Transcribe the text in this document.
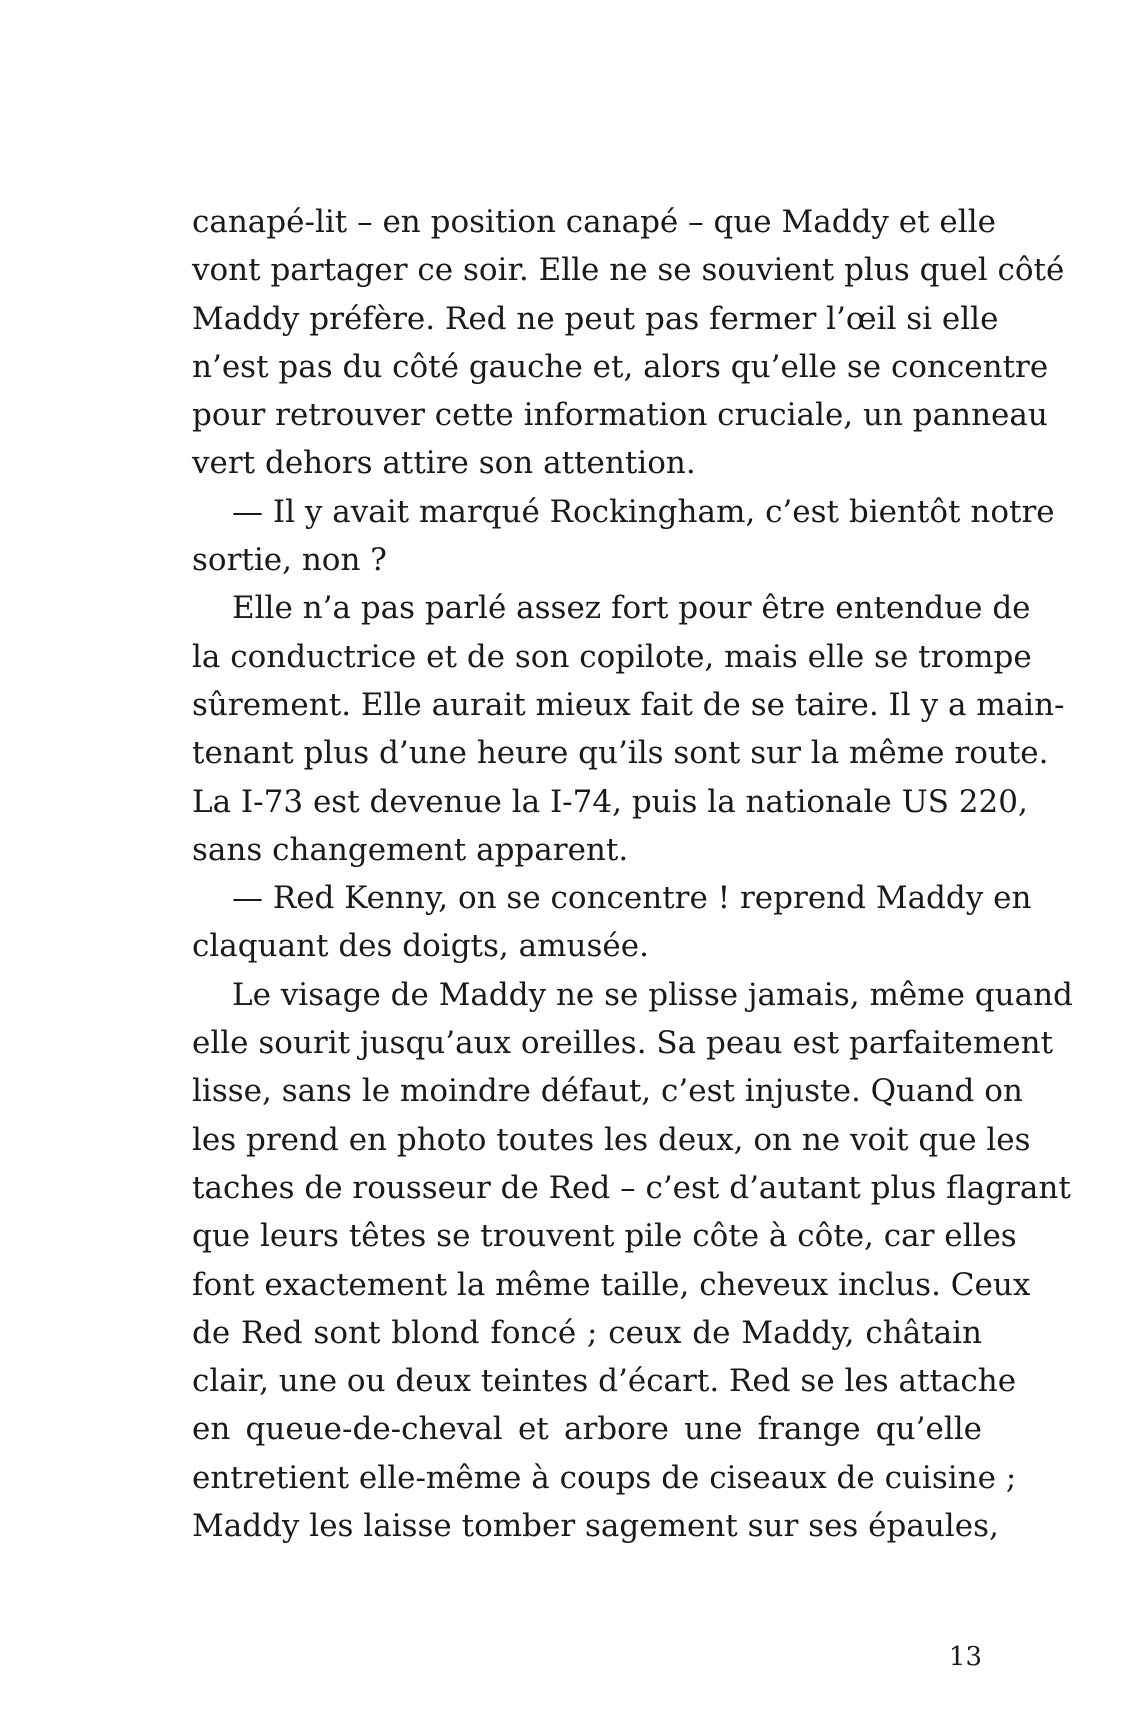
canapé-lit – en position canapé – que Maddy et elle
vont partager ce soir. Elle ne se souvient plus quel côté
Maddy préfère. Red ne peut pas fermer l’œil si elle
n’est pas du côté gauche et, alors qu’elle se concentre
pour retrouver cette information cruciale, un panneau
vert dehors attire son attention.
— Il y avait marqué Rockingham, c’est bientôt notre
sortie, non ?
Elle n’a pas parlé assez fort pour être entendue de
la conductrice et de son copilote, mais elle se trompe
sûrement. Elle aurait mieux fait de se taire. Il y a main-
tenant plus d’une heure qu’ils sont sur la même route.
La I-73 est devenue la I-74, puis la nationale US 220,
sans changement apparent.
— Red Kenny, on se concentre ! reprend Maddy en
claquant des doigts, amusée.
Le visage de Maddy ne se plisse jamais, même quand
elle sourit jusqu’aux oreilles. Sa peau est parfaitement
lisse, sans le moindre défaut, c’est injuste. Quand on
les prend en photo toutes les deux, on ne voit que les
taches de rousseur de Red – c’est d’autant plus flagrant
que leurs têtes se trouvent pile côte à côte, car elles
font exactement la même taille, cheveux inclus. Ceux
de Red sont blond foncé ; ceux de Maddy, châtain
clair, une ou deux teintes d’écart. Red se les attache
en queue-de-cheval et arbore une frange qu’elle
entretient elle-même à coups de ciseaux de cuisine ;
Maddy les laisse tomber sagement sur ses épaules,
13
